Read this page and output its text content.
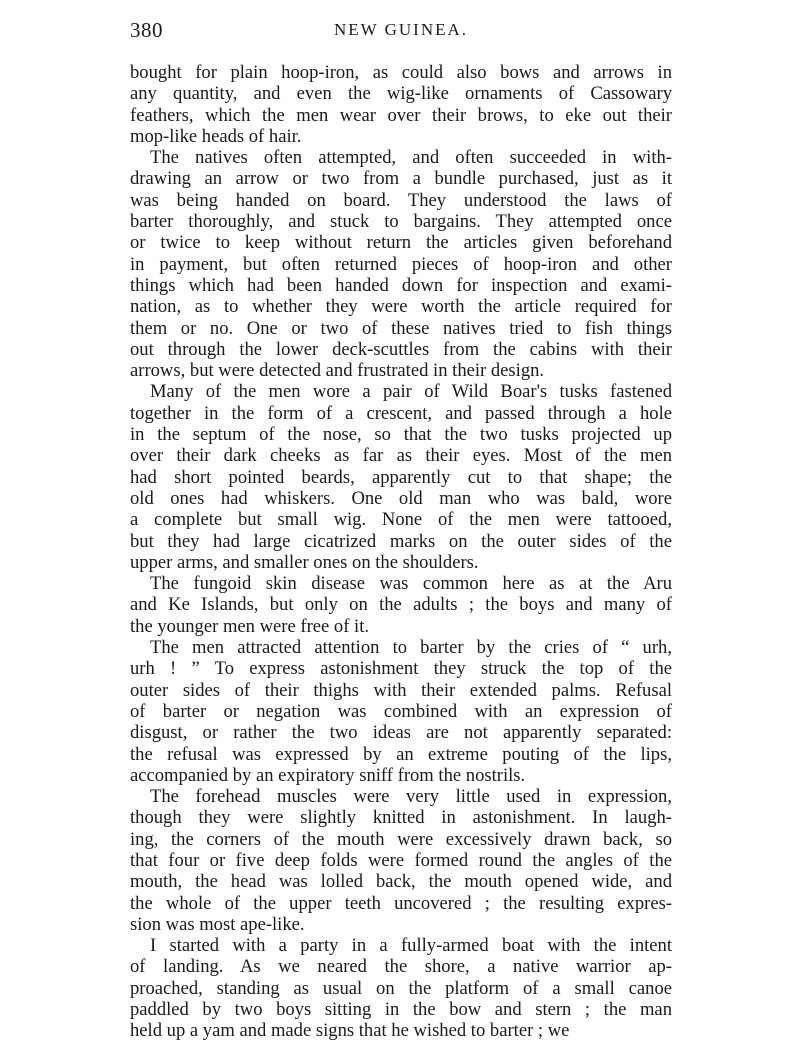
380	NEW GUINEA.
bought for plain hoop-iron, as could also bows and arrows in
any quantity, and even the wig-like ornaments of Cassowary
feathers, which the men wear over their brows, to eke out their
mop-like heads of hair.
The natives often attempted, and often succeeded in with-
drawing an arrow or two from a bundle purchased, just as it
was being handed on board. They understood the laws of
barter thoroughly, and stuck to bargains. They attempted once
or twice to keep without return the articles given beforehand
in payment, but often returned pieces of hoop-iron and other
things which had been handed down for inspection and exami-
nation, as to whether they were worth the article required for
them or no. One or two of these natives tried to fish things
out through the lower deck-scuttles from the cabins with their
arrows, but were detected and frustrated in their design.
Many of the men wore a pair of Wild Boar's tusks fastened
together in the form of a crescent, and passed through a hole
in the septum of the nose, so that the two tusks projected up
over their dark cheeks as far as their eyes. Most of the men
had short pointed beards, apparently cut to that shape; the
old ones had whiskers. One old man who was bald, wore
a complete but small wig. None of the men were tattooed,
but they had large cicatrized marks on the outer sides of the
upper arms, and smaller ones on the shoulders.
The fungoid skin disease was common here as at the Aru
and Ke Islands, but only on the adults ; the boys and many of
the younger men were free of it.
The men attracted attention to barter by the cries of “ urh,
urh ! ” To express astonishment they struck the top of the
outer sides of their thighs with their extended palms. Refusal
of barter or negation was combined with an expression of
disgust, or rather the two ideas are not apparently separated:
the refusal was expressed by an extreme pouting of the lips,
accompanied by an expiratory sniff from the nostrils.
The forehead muscles were very little used in expression,
though they were slightly knitted in astonishment. In laugh-
ing, the corners of the mouth were excessively drawn back, so
that four or five deep folds were formed round the angles of the
mouth, the head was lolled back, the mouth opened wide, and
the whole of the upper teeth uncovered ; the resulting expres-
sion was most ape-like.
I started with a party in a fully-armed boat with the intent
of landing. As we neared the shore, a native warrior ap-
proached, standing as usual on the platform of a small canoe
paddled by two boys sitting in the bow and stern ; the man
held up a yam and made signs that he wished to barter ; we
